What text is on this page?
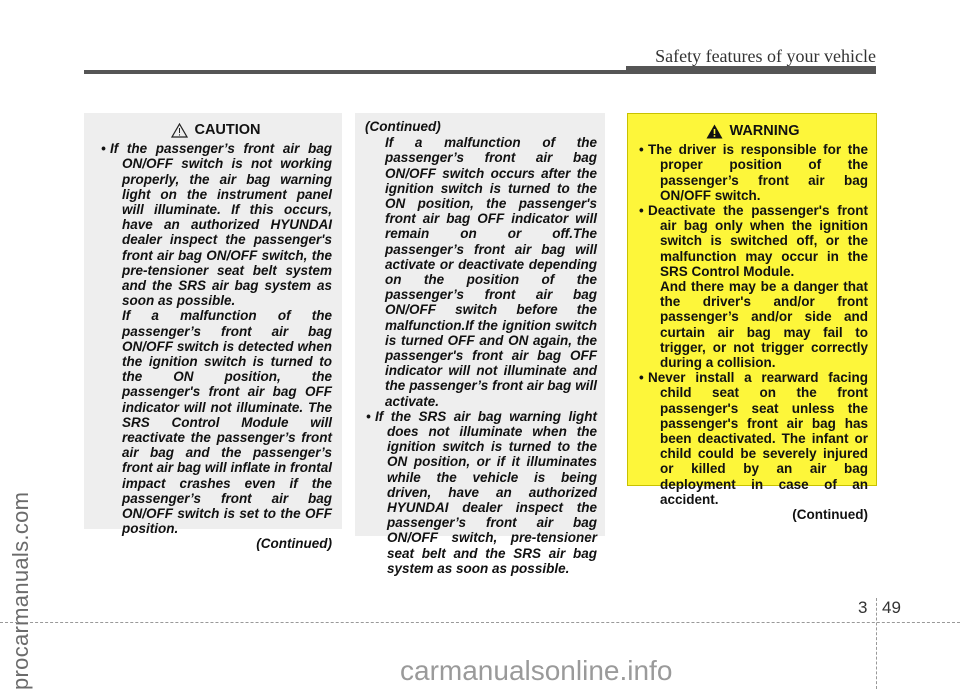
procarmanuals.com
Safety features of your vehicle
CAUTION
• If the passenger’s front air bag ON/OFF switch is not working properly, the air bag warning light on the instrument panel will illuminate. If this occurs, have an authorized HYUNDAI dealer inspect the passenger's front air bag ON/OFF switch, the pre-tensioner seat belt system and the SRS air bag system as soon as possible.
If a malfunction of the passenger’s front air bag ON/OFF switch is detected when the ignition switch is turned to the ON position, the passenger's front air bag OFF indicator will not illuminate. The SRS Control Module will reactivate the passenger’s front air bag and the passenger’s front air bag will inflate in frontal impact crashes even if the passenger’s front air bag ON/OFF switch is set to the OFF position.
(Continued)
(Continued)
If a malfunction of the passenger’s front air bag ON/OFF switch occurs after the ignition switch is turned to the ON position, the passenger's front air bag OFF indicator will remain on or off.The passenger’s front air bag will activate or deactivate depending on the position of the passenger’s front air bag ON/OFF switch before the malfunction.If the ignition switch is turned OFF and ON again, the passenger's front air bag OFF indicator will not illuminate and the passenger’s front air bag will activate.
• If the SRS air bag warning light does not illuminate when the ignition switch is turned to the ON position, or if it illuminates while the vehicle is being driven, have an authorized HYUNDAI dealer inspect the passenger’s front air bag ON/OFF switch, pre-tensioner seat belt and the SRS air bag system as soon as possible.
WARNING
• The driver is responsible for the proper position of the passenger’s front air bag ON/OFF switch.
• Deactivate the passenger's front air bag only when the ignition switch is switched off, or the malfunction may occur in the SRS Control Module.
And there may be a danger that the driver's and/or front passenger’s and/or side and curtain air bag may fail to trigger, or not trigger correctly during a collision.
• Never install a rearward facing child seat on the front passenger's seat unless the passenger's front air bag has been deactivated. The infant or child could be severely injured or killed by an air bag deployment in case of an accident.
(Continued)
3 49
carmanualsonline.info
